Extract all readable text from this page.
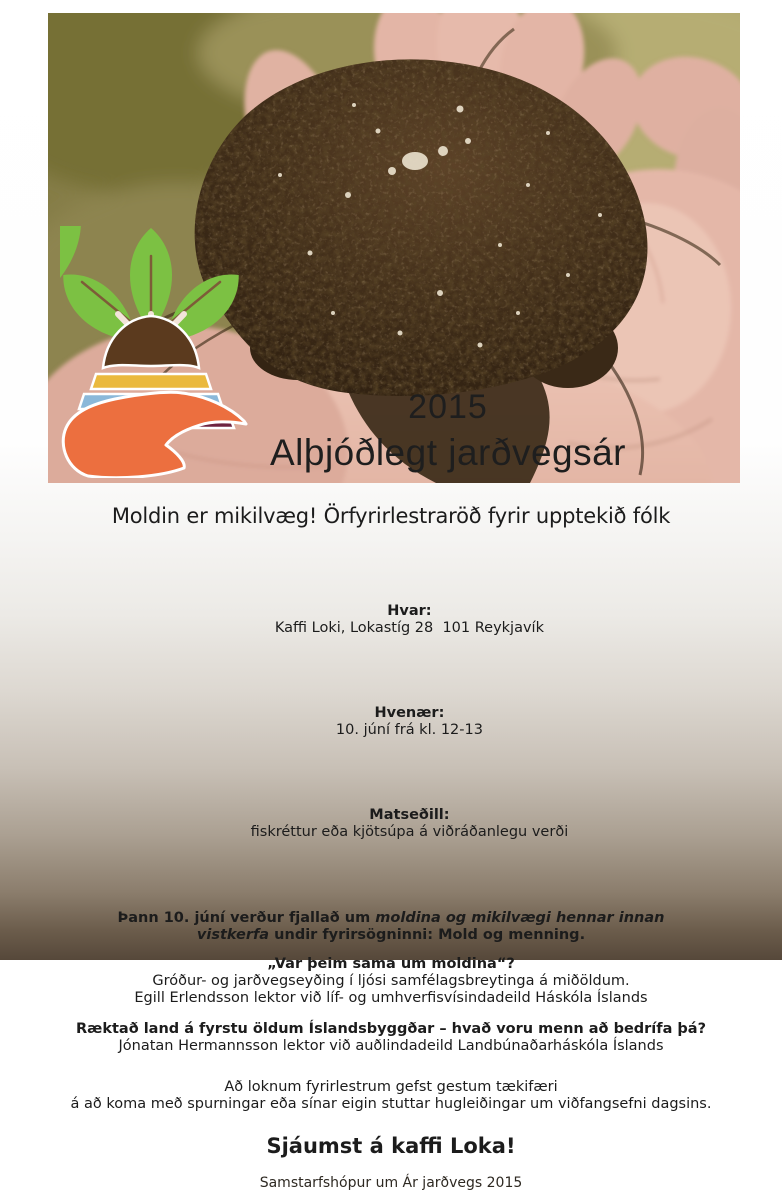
2015
Alþjóðlegt jarðvegsár
Moldin er mikilvæg! Örfyrirlestraröð fyrir upptekið fólk

Hvar:
Kaffi Loki, Lokastíg 28  101 Reykjavík

Hvenær:
10. júní frá kl. 12-13

Matseðill:
fiskréttur eða kjötsúpa á viðráðanlegu verði

Þann 10. júní verður fjallað um moldina og mikilvægi hennar innan vistkerfa undir fyrirsögninni: Mold og menning.

„Var þeim sama um moldina“?
Gróður- og jarðvegseyðing í ljósi samfélagsbreytinga á miðöldum.
Egill Erlendsson lektor við líf- og umhverfisvísindadeild Háskóla Íslands
Ræktað land á fyrstu öldum Íslandsbyggðar – hvað voru menn að bedrífa þá?
Jónatan Hermannsson lektor við auðlindadeild Landbúnaðarháskóla Íslands
Að loknum fyrirlestrum gefst gestum tækifæri
á að koma með spurningar eða sínar eigin stuttar hugleiðingar um viðfangsefni dagsins.
Sjáumst á kaffi Loka!
Samstarfshópur um Ár jarðvegs 2015
